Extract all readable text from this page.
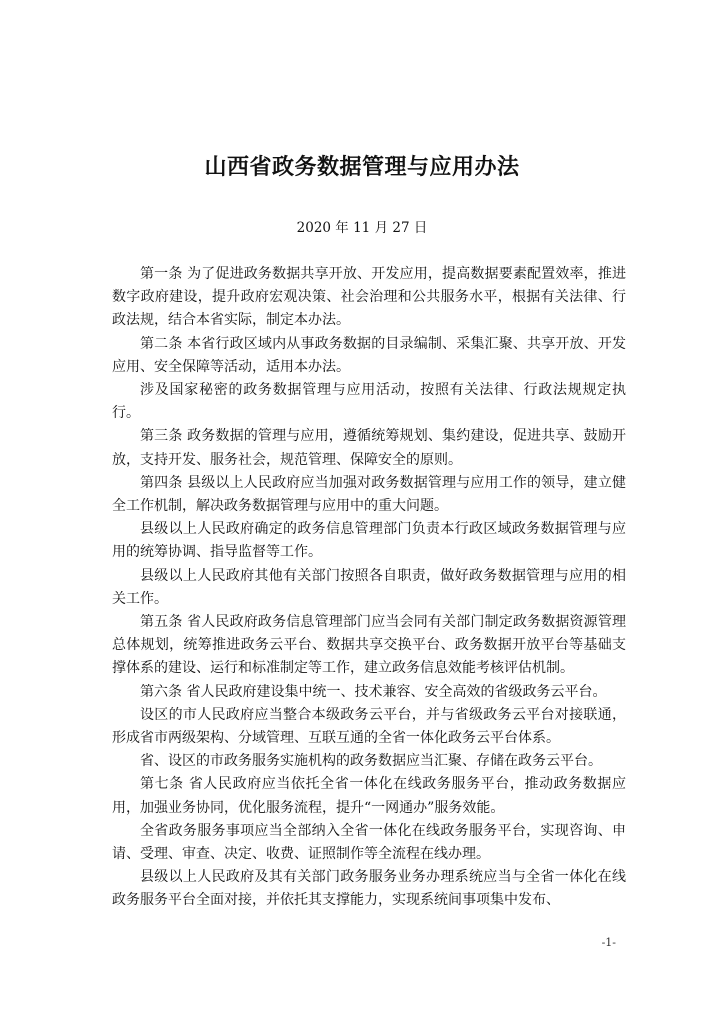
山西省政务数据管理与应用办法
2020 年 11 月 27 日

第一条 为了促进政务数据共享开放、开发应用，提高数据要素配置效率，推进数字政府建设，提升政府宏观决策、社会治理和公共服务水平，根据有关法律、行政法规，结合本省实际，制定本办法。

第二条 本省行政区域内从事政务数据的目录编制、采集汇聚、共享开放、开发应用、安全保障等活动，适用本办法。

涉及国家秘密的政务数据管理与应用活动，按照有关法律、行政法规规定执行。

第三条 政务数据的管理与应用，遵循统筹规划、集约建设，促进共享、鼓励开放，支持开发、服务社会，规范管理、保障安全的原则。

第四条 县级以上人民政府应当加强对政务数据管理与应用工作的领导，建立健全工作机制，解决政务数据管理与应用中的重大问题。

县级以上人民政府确定的政务信息管理部门负责本行政区域政务数据管理与应用的统筹协调、指导监督等工作。

县级以上人民政府其他有关部门按照各自职责，做好政务数据管理与应用的相关工作。

第五条 省人民政府政务信息管理部门应当会同有关部门制定政务数据资源管理总体规划，统筹推进政务云平台、数据共享交换平台、政务数据开放平台等基础支撑体系的建设、运行和标准制定等工作，建立政务信息效能考核评估机制。

第六条 省人民政府建设集中统一、技术兼容、安全高效的省级政务云平台。

设区的市人民政府应当整合本级政务云平台，并与省级政务云平台对接联通，形成省市两级架构、分域管理、互联互通的全省一体化政务云平台体系。

省、设区的市政务服务实施机构的政务数据应当汇聚、存储在政务云平台。

第七条 省人民政府应当依托全省一体化在线政务服务平台，推动政务数据应用，加强业务协同，优化服务流程，提升“一网通办”服务效能。

全省政务服务事项应当全部纳入全省一体化在线政务服务平台，实现咨询、申请、受理、审查、决定、收费、证照制作等全流程在线办理。

县级以上人民政府及其有关部门政务服务业务办理系统应当与全省一体化在线政务服务平台全面对接，并依托其支撑能力，实现系统间事项集中发布、

-1-
